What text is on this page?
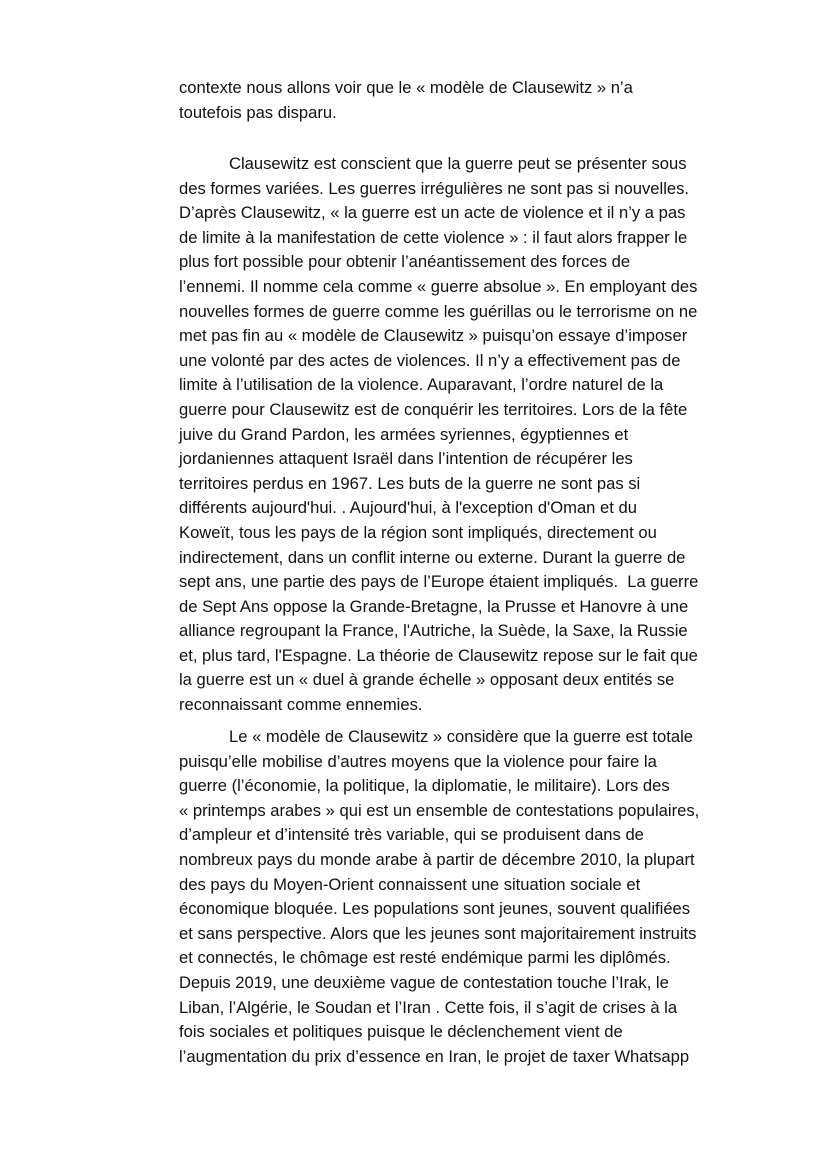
contexte nous allons voir que le « modèle de Clausewitz » n’a
toutefois pas disparu.
Clausewitz est conscient que la guerre peut se présenter sous
des formes variées. Les guerres irrégulières ne sont pas si nouvelles.
D’après Clausewitz, « la guerre est un acte de violence et il n’y a pas
de limite à la manifestation de cette violence » : il faut alors frapper le
plus fort possible pour obtenir l’anéantissement des forces de
l’ennemi. Il nomme cela comme « guerre absolue ». En employant des
nouvelles formes de guerre comme les guérillas ou le terrorisme on ne
met pas fin au « modèle de Clausewitz » puisqu’on essaye d’imposer
une volonté par des actes de violences. Il n’y a effectivement pas de
limite à l’utilisation de la violence. Auparavant, l’ordre naturel de la
guerre pour Clausewitz est de conquérir les territoires. Lors de la fête
juive du Grand Pardon, les armées syriennes, égyptiennes et
jordaniennes attaquent Israël dans l’intention de récupérer les
territoires perdus en 1967. Les buts de la guerre ne sont pas si
différents aujourd'hui. . Aujourd'hui, à l'exception d'Oman et du
Koweït, tous les pays de la région sont impliqués, directement ou
indirectement, dans un conflit interne ou externe. Durant la guerre de
sept ans, une partie des pays de l’Europe étaient impliqués.  La guerre
de Sept Ans oppose la Grande-Bretagne, la Prusse et Hanovre à une
alliance regroupant la France, l'Autriche, la Suède, la Saxe, la Russie
et, plus tard, l'Espagne. La théorie de Clausewitz repose sur le fait que
la guerre est un « duel à grande échelle » opposant deux entités se
reconnaissant comme ennemies.
Le « modèle de Clausewitz » considère que la guerre est totale
puisqu’elle mobilise d’autres moyens que la violence pour faire la
guerre (l’économie, la politique, la diplomatie, le militaire). Lors des
« printemps arabes » qui est un ensemble de contestations populaires,
d’ampleur et d’intensité très variable, qui se produisent dans de
nombreux pays du monde arabe à partir de décembre 2010, la plupart
des pays du Moyen-Orient connaissent une situation sociale et
économique bloquée. Les populations sont jeunes, souvent qualifiées
et sans perspective. Alors que les jeunes sont majoritairement instruits
et connectés, le chômage est resté endémique parmi les diplômés.
Depuis 2019, une deuxième vague de contestation touche l’Irak, le
Liban, l’Algérie, le Soudan et l’Iran . Cette fois, il s’agit de crises à la
fois sociales et politiques puisque le déclenchement vient de
l’augmentation du prix d’essence en Iran, le projet de taxer Whatsapp
